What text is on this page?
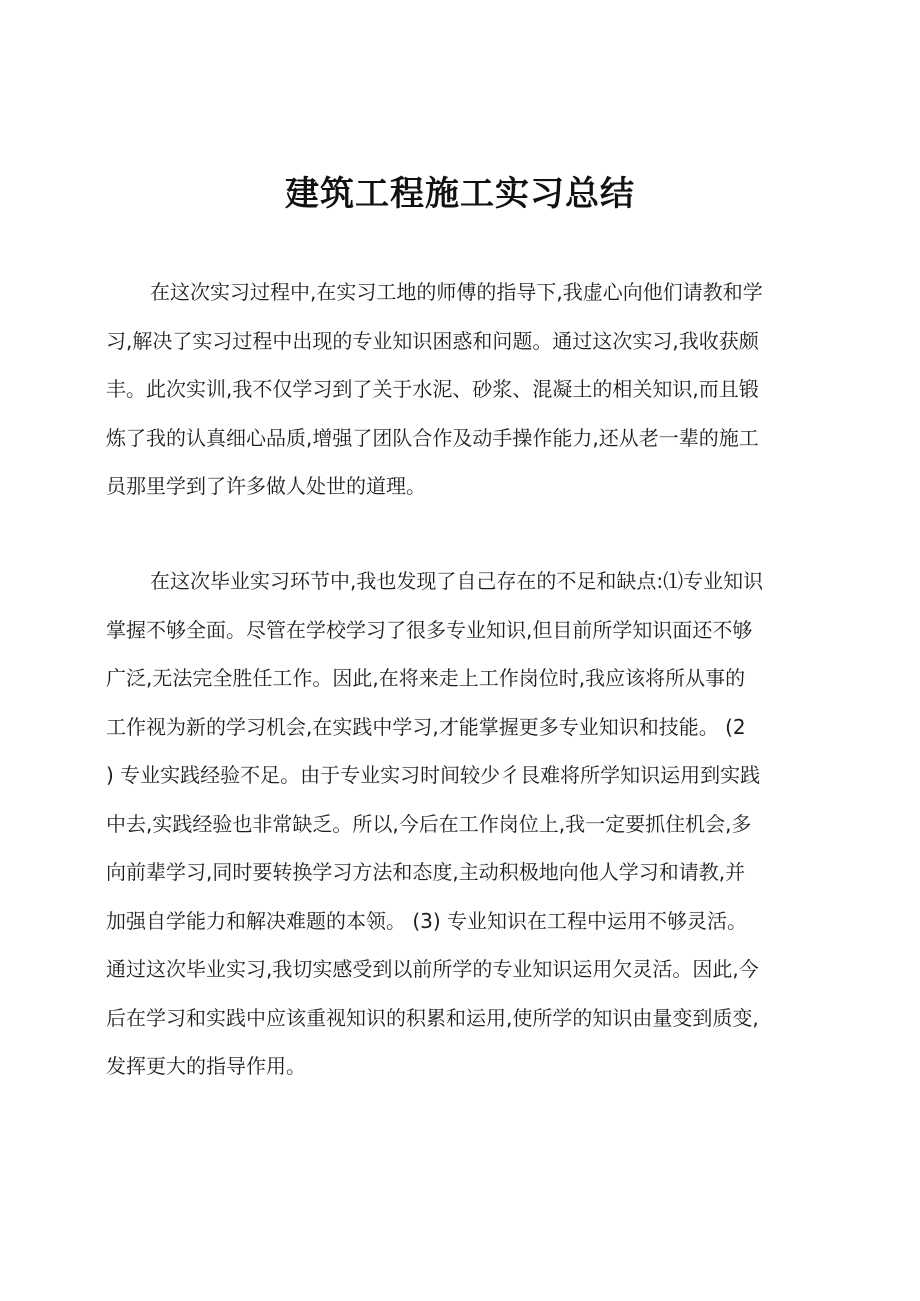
建筑工程施工实习总结
在这次实习过程中,在实习工地的师傅的指导下,我虚心向他们请教和学
习,解决了实习过程中出现的专业知识困惑和问题。通过这次实习,我收获颇
丰。此次实训,我不仅学习到了关于水泥、砂浆、混凝土的相关知识,而且锻
炼了我的认真细心品质,增强了团队合作及动手操作能力,还从老一辈的施工
员那里学到了许多做人处世的道理。
在这次毕业实习环节中,我也发现了自己存在的不足和缺点:⑴专业知识
掌握不够全面。尽管在学校学习了很多专业知识,但目前所学知识面还不够
广泛,无法完全胜任工作。因此,在将来走上工作岗位时,我应该将所从事的
工作视为新的学习机会,在实践中学习,才能掌握更多专业知识和技能。 (2
) 专业实践经验不足。由于专业实习时间较少彳艮难将所学知识运用到实践
中去,实践经验也非常缺乏。所以,今后在工作岗位上,我一定要抓住机会,多
向前辈学习,同时要转换学习方法和态度,主动积极地向他人学习和请教,并
加强自学能力和解决难题的本领。 (3) 专业知识在工程中运用不够灵活。
通过这次毕业实习,我切实感受到以前所学的专业知识运用欠灵活。因此,今
后在学习和实践中应该重视知识的积累和运用,使所学的知识由量变到质变,
发挥更大的指导作用。
